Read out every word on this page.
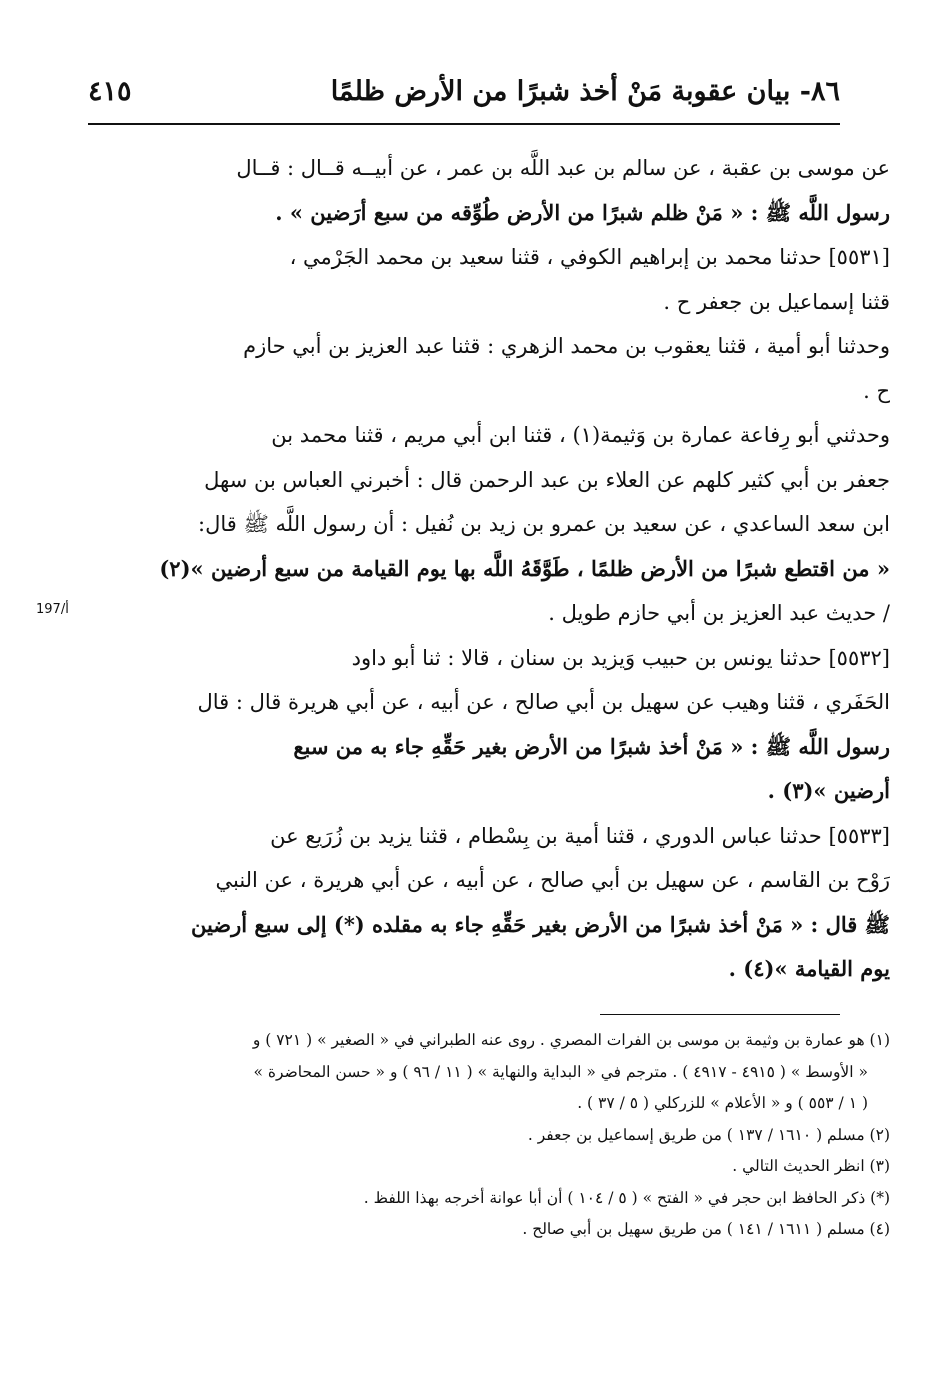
٨٦- بيان عقوبة مَنْ أخذ شبرًا من الأرض ظلمًا
٤١٥
أ/197

عن موسى بن عقبة ، عن سالم بن عبد اللَّه بن عمر ، عن أبيــه قــال : قــال
رسول اللَّه ﷺ : « مَنْ ظلم شبرًا من الأرض طُوِّقه من سبع أرَضين » .
[٥٥٣١] حدثنا محمد بن إبراهيم الكوفي ، قثنا سعيد بن محمد الجَرْمي ،
قثنا إسماعيل بن جعفر ح .
وحدثنا أبو أمية ، قثنا يعقوب بن محمد الزهري : قثنا عبد العزيز بن أبي حازم
ح .
وحدثني أبو رِفاعة عمارة بن وَثيمة(١) ، قثنا ابن أبي مريم ، قثنا محمد بن
جعفر بن أبي كثير كلهم عن العلاء بن عبد الرحمن قال : أخبرني العباس بن سهل
ابن سعد الساعدي ، عن سعيد بن عمرو بن زيد بن نُفيل : أن رسول اللَّه ﷺ قال:
« من اقتطع شبرًا من الأرض ظلمًا ، طَوَّقَهُ اللَّه بها يوم القيامة من سبع أرضين »(٢)
/ حديث عبد العزيز بن أبي حازم طويل .
[٥٥٣٢] حدثنا يونس بن حبيب وَيزيد بن سنان ، قالا : ثنا أبو داود
الحَفَري ، قثنا وهيب عن سهيل بن أبي صالح ، عن أبيه ، عن أبي هريرة قال : قال
رسول اللَّه ﷺ : « مَنْ أخذ شبرًا من الأرض بغير حَقِّهِ جاء به من سبع
أرضين »(٣) .
[٥٥٣٣] حدثنا عباس الدوري ، قثنا أمية بن بِسْطام ، قثنا يزيد بن زُرَيع عن
رَوْح بن القاسم ، عن سهيل بن أبي صالح ، عن أبيه ، عن أبي هريرة ، عن النبي
ﷺ قال : « مَنْ أخذ شبرًا من الأرض بغير حَقِّهِ جاء به مقلده (*) إلى سبع أرضين
يوم القيامة »(٤) .

(١) هو عمارة بن وثيمة بن موسى بن الفرات المصري . روى عنه الطبراني في « الصغير » ( ٧٢١ ) و
« الأوسط » ( ٤٩١٥ - ٤٩١٧ ) . مترجم في « البداية والنهاية » ( ١١ / ٩٦ ) و « حسن المحاضرة »
( ١ / ٥٥٣ ) و « الأعلام » للزركلي ( ٥ / ٣٧ ) .
(٢) مسلم ( ١٦١٠ / ١٣٧ ) من طريق إسماعيل بن جعفر .
(٣) انظر الحديث التالي .
(*) ذكر الحافظ ابن حجر في « الفتح » ( ٥ / ١٠٤ ) أن أبا عوانة أخرجه بهذا اللفظ .
(٤) مسلم ( ١٦١١ / ١٤١ ) من طريق سهيل بن أبي صالح .
